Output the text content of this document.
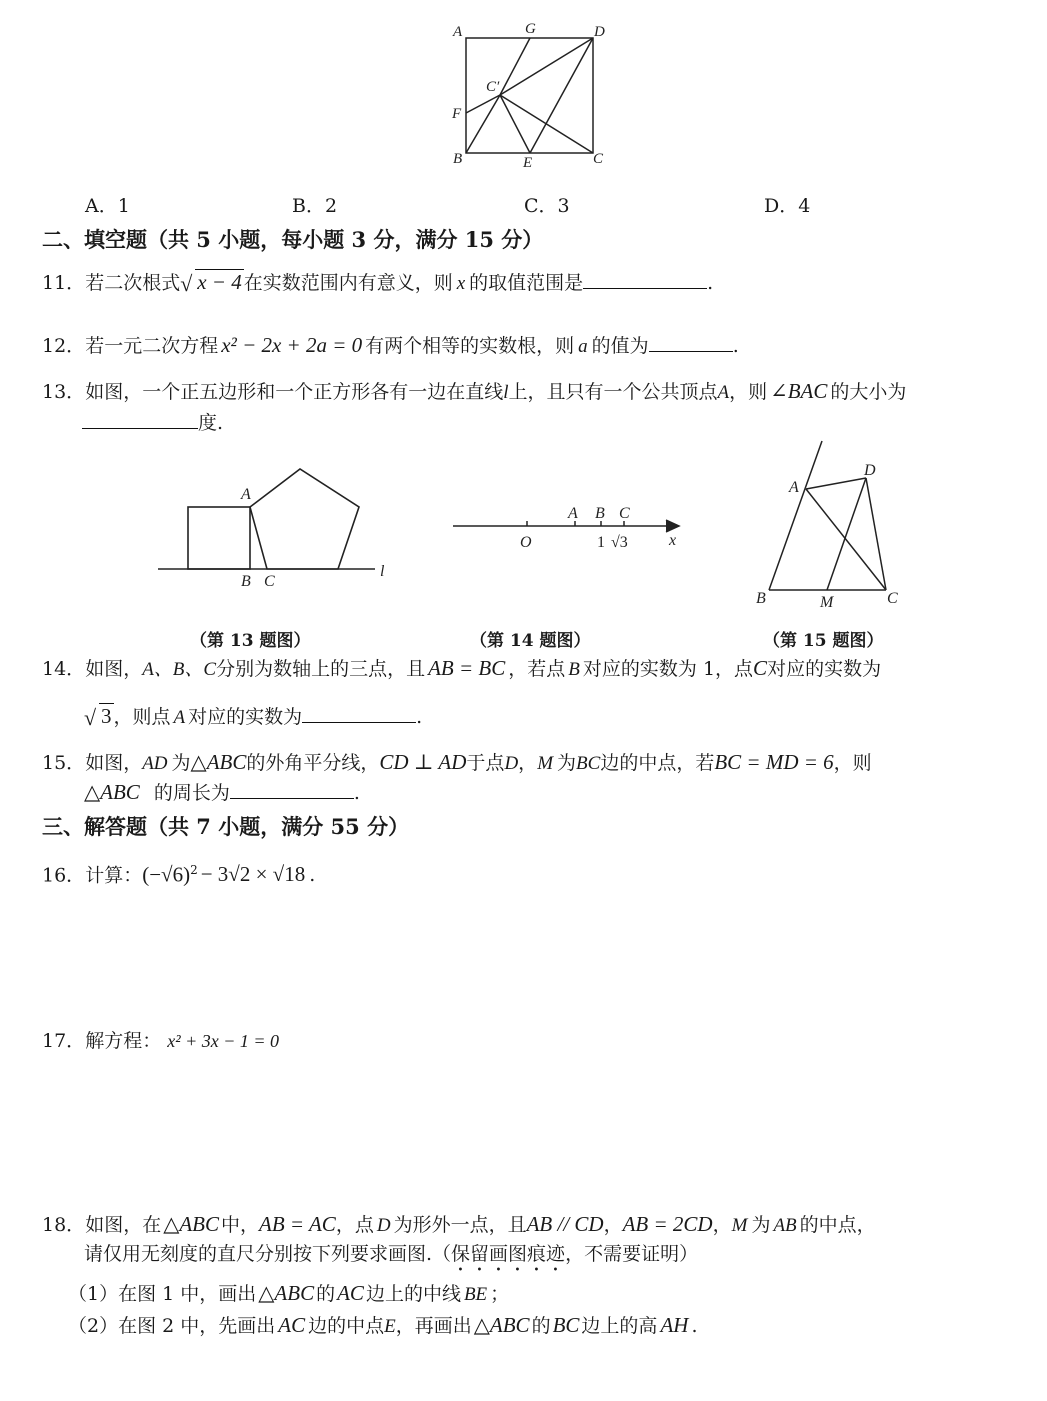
A	G	D
C′
F
B	E	C
A．1	B．2	C．3	D．4
二、填空题（共 5 小题，每小题 3 分，满分 15 分）
11．若二次根式 √ x − 4 在实数范围内有意义，则 x 的取值范围是	.
12．若一元二次方程 x² − 2x + 2a = 0 有两个相等的实数根，则 a 的值为	.
13．如图，一个正五边形和一个正方形各有一边在直线l上，且只有一个公共顶点A，则 ∠BAC 的大小为
度.
A
B C
l
A B C
O	1 √3	x
A
D
B	M	C
（第 13 题图）	（第 14 题图）	（第 15 题图）
14．如图，A、B、C分别为数轴上的三点，且 AB = BC ，若点 B 对应的实数为 1，点C对应的实数为
√ 3 ，则点 A 对应的实数为	.
15．如图，AD 为△ABC的外角平分线，CD ⊥ AD于点D，M 为BC边的中点，若BC = MD = 6，则
△ABC 的周长为	.
三、解答题（共 7 小题，满分 55 分）
16．计算：$(-√6)^2 - 3√2 \times √18$ .
17．解方程： x² + 3x − 1 = 0
18．如图，在△ABC 中，AB = AC，点 D 为形外一点，且AB // CD，AB = 2CD，M 为 AB 的中点，
请仅用无刻度的直尺分别按下列要求画图.（保留画图痕迹，不需要证明）
（1）在图 1 中，画出△ABC 的AC 边上的中线 BE ；
（2）在图 2 中，先画出 AC 边的中点E，再画出△ABC 的BC 边上的高 AH .
